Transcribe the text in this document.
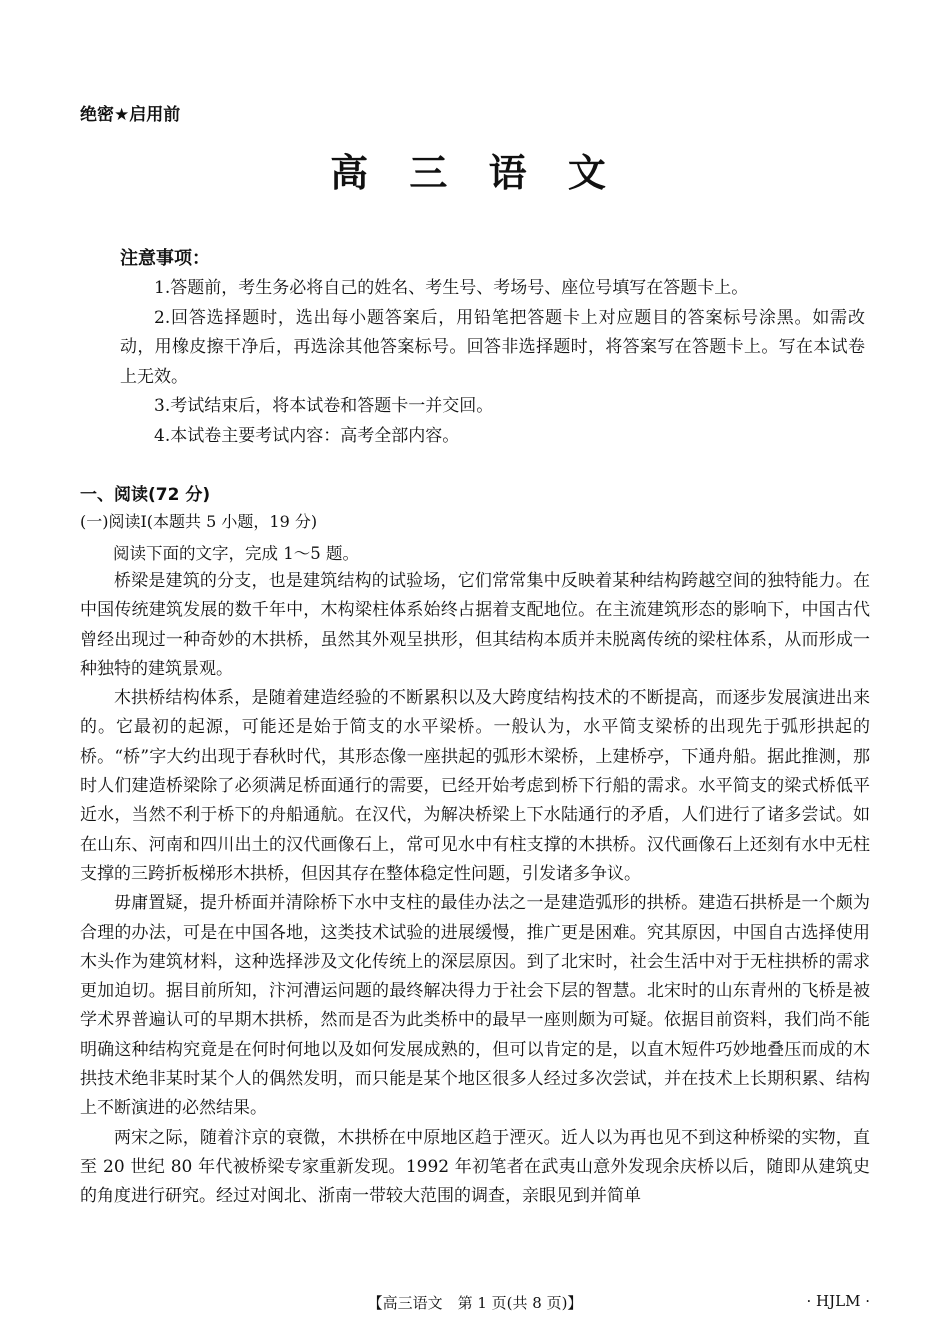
绝密★启用前
高 三 语 文
注意事项：

1.答题前，考生务必将自己的姓名、考生号、考场号、座位号填写在答题卡上。

2.回答选择题时，选出每小题答案后，用铅笔把答题卡上对应题目的答案标号涂黑。如需改动，用橡皮擦干净后，再选涂其他答案标号。回答非选择题时，将答案写在答题卡上。写在本试卷上无效。

3.考试结束后，将本试卷和答题卡一并交回。

4.本试卷主要考试内容：高考全部内容。

一、阅读(72 分)
(一)阅读Ⅰ(本题共 5 小题，19 分)
阅读下面的文字，完成 1～5 题。

桥梁是建筑的分支，也是建筑结构的试验场，它们常常集中反映着某种结构跨越空间的独特能力。在中国传统建筑发展的数千年中，木构梁柱体系始终占据着支配地位。在主流建筑形态的影响下，中国古代曾经出现过一种奇妙的木拱桥，虽然其外观呈拱形，但其结构本质并未脱离传统的梁柱体系，从而形成一种独特的建筑景观。

木拱桥结构体系，是随着建造经验的不断累积以及大跨度结构技术的不断提高，而逐步发展演进出来的。它最初的起源，可能还是始于简支的水平梁桥。一般认为，水平简支梁桥的出现先于弧形拱起的桥。“桥”字大约出现于春秋时代，其形态像一座拱起的弧形木梁桥，上建桥亭，下通舟船。据此推测，那时人们建造桥梁除了必须满足桥面通行的需要，已经开始考虑到桥下行船的需求。水平简支的梁式桥低平近水，当然不利于桥下的舟船通航。在汉代，为解决桥梁上下水陆通行的矛盾，人们进行了诸多尝试。如在山东、河南和四川出土的汉代画像石上，常可见水中有柱支撑的木拱桥。汉代画像石上还刻有水中无柱支撑的三跨折板梯形木拱桥，但因其存在整体稳定性问题，引发诸多争议。

毋庸置疑，提升桥面并清除桥下水中支柱的最佳办法之一是建造弧形的拱桥。建造石拱桥是一个颇为合理的办法，可是在中国各地，这类技术试验的进展缓慢，推广更是困难。究其原因，中国自古选择使用木头作为建筑材料，这种选择涉及文化传统上的深层原因。到了北宋时，社会生活中对于无柱拱桥的需求更加迫切。据目前所知，汴河漕运问题的最终解决得力于社会下层的智慧。北宋时的山东青州的飞桥是被学术界普遍认可的早期木拱桥，然而是否为此类桥中的最早一座则颇为可疑。依据目前资料，我们尚不能明确这种结构究竟是在何时何地以及如何发展成熟的，但可以肯定的是，以直木短件巧妙地叠压而成的木拱技术绝非某时某个人的偶然发明，而只能是某个地区很多人经过多次尝试，并在技术上长期积累、结构上不断演进的必然结果。

两宋之际，随着汴京的衰微，木拱桥在中原地区趋于湮灭。近人以为再也见不到这种桥梁的实物，直至 20 世纪 80 年代被桥梁专家重新发现。1992 年初笔者在武夷山意外发现余庆桥以后，随即从建筑史的角度进行研究。经过对闽北、浙南一带较大范围的调查，亲眼见到并简单

【高三语文　第 1 页(共 8 页)】	· HJLM ·
